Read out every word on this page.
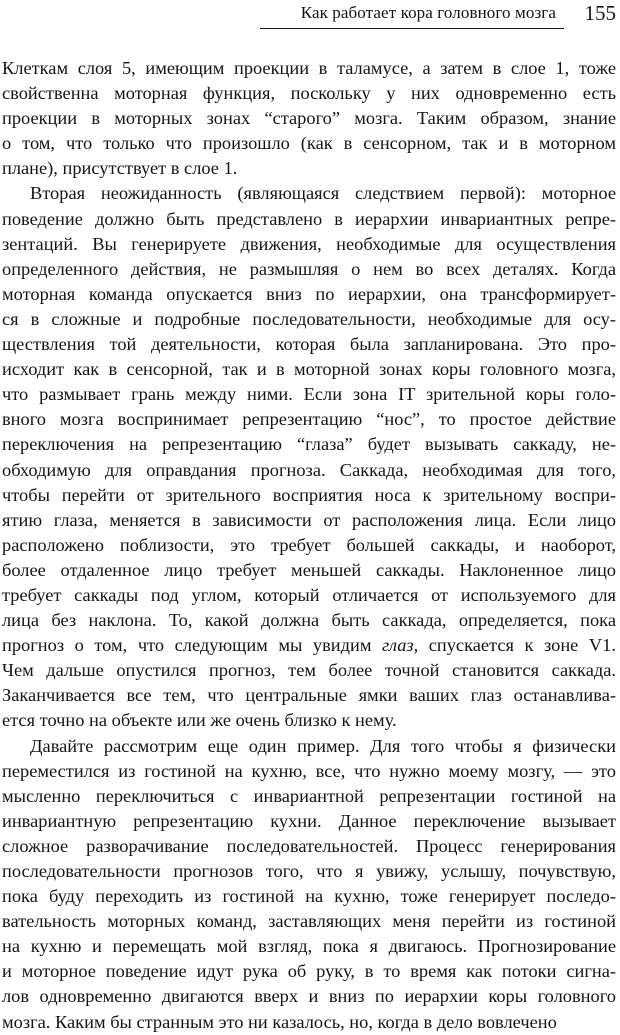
Как работает кора головного мозга 155
Клеткам слоя 5, имеющим проекции в таламусе, а затем в слое 1, тоже
свойственна моторная функция, поскольку у них одновременно есть
проекции в моторных зонах “старого” мозга. Таким образом, знание
о том, что только что произошло (как в сенсорном, так и в моторном
плане), присутствует в слое 1.
Вторая неожиданность (являющаяся следствием первой): моторное
поведение должно быть представлено в иерархии инвариантных репре-
зентаций. Вы генерируете движения, необходимые для осуществления
определенного действия, не размышляя о нем во всех деталях. Когда
моторная команда опускается вниз по иерархии, она трансформирует-
ся в сложные и подробные последовательности, необходимые для осу-
ществления той деятельности, которая была запланирована. Это про-
исходит как в сенсорной, так и в моторной зонах коры головного мозга,
что размывает грань между ними. Если зона IT зрительной коры голо-
вного мозга воспринимает репрезентацию “нос”, то простое действие
переключения на репрезентацию “глаза” будет вызывать саккаду, не-
обходимую для оправдания прогноза. Саккада, необходимая для того,
чтобы перейти от зрительного восприятия носа к зрительному воспри-
ятию глаза, меняется в зависимости от расположения лица. Если лицо
расположено поблизости, это требует большей саккады, и наоборот,
более отдаленное лицо требует меньшей саккады. Наклоненное лицо
требует саккады под углом, который отличается от используемого для
лица без наклона. То, какой должна быть саккада, определяется, пока
прогноз о том, что следующим мы увидим глаз, спускается к зоне V1.
Чем дальше опустился прогноз, тем более точной становится саккада.
Заканчивается все тем, что центральные ямки ваших глаз останавлива-
ется точно на объекте или же очень близко к нему.
Давайте рассмотрим еще один пример. Для того чтобы я физически
переместился из гостиной на кухню, все, что нужно моему мозгу, — это
мысленно переключиться с инвариантной репрезентации гостиной на
инвариантную репрезентацию кухни. Данное переключение вызывает
сложное разворачивание последовательностей. Процесс генерирования
последовательности прогнозов того, что я увижу, услышу, почувствую,
пока буду переходить из гостиной на кухню, тоже генерирует последо-
вательность моторных команд, заставляющих меня перейти из гостиной
на кухню и перемещать мой взгляд, пока я двигаюсь. Прогнозирование
и моторное поведение идут рука об руку, в то время как потоки сигна-
лов одновременно двигаются вверх и вниз по иерархии коры головного
мозга. Каким бы странным это ни казалось, но, когда в дело вовлечено
